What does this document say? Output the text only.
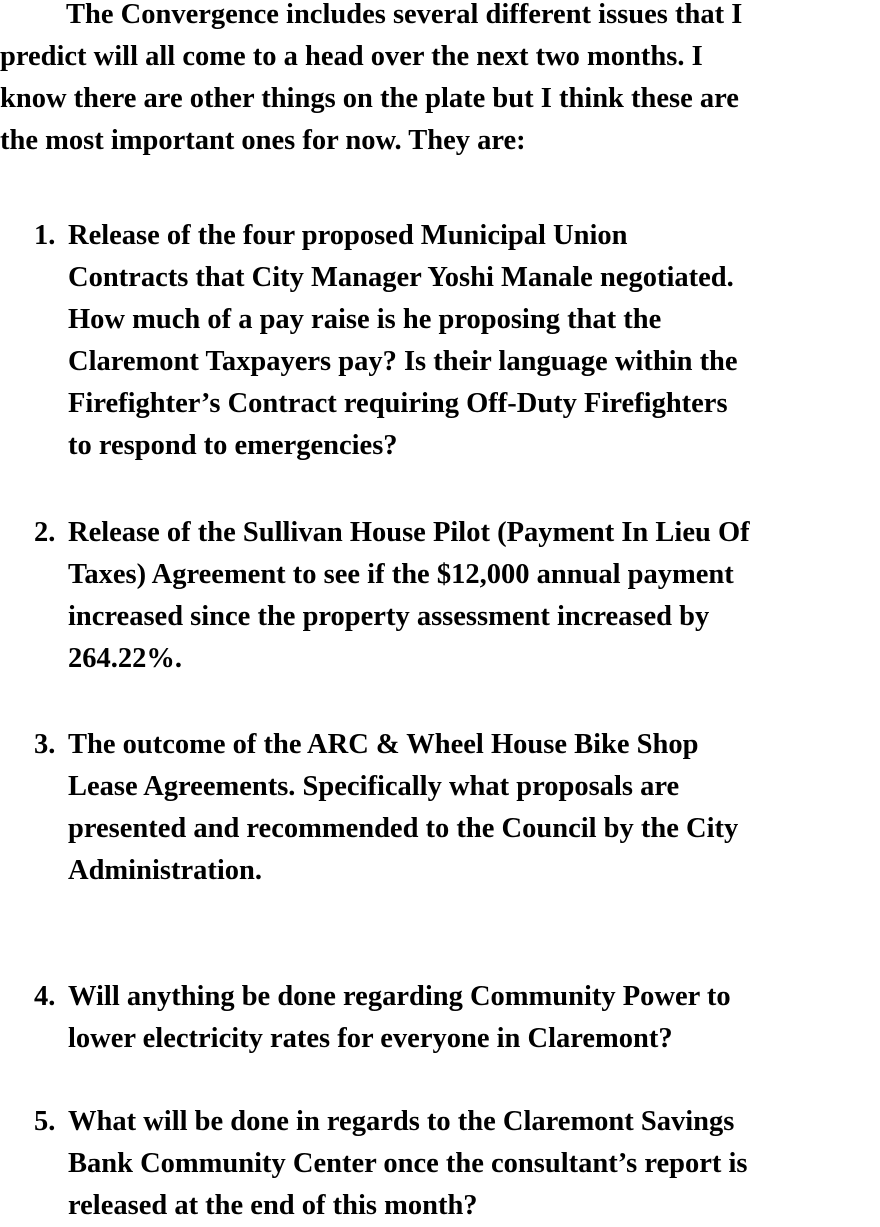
The Convergence includes several different issues that I
predict will all come to a head over the next two months. I
know there are other things on the plate but I think these are
the most important ones for now. They are:

1. Release of the four proposed Municipal Union
Contracts that City Manager Yoshi Manale negotiated.
How much of a pay raise is he proposing that the
Claremont Taxpayers pay? Is their language within the
Firefighter’s Contract requiring Off-Duty Firefighters
to respond to emergencies?
2. Release of the Sullivan House Pilot (Payment In Lieu Of
Taxes) Agreement to see if the $12,000 annual payment
increased since the property assessment increased by
264.22%.
3. The outcome of the ARC & Wheel House Bike Shop
Lease Agreements. Specifically what proposals are
presented and recommended to the Council by the City
Administration.
4. Will anything be done regarding Community Power to
lower electricity rates for everyone in Claremont?
5. What will be done in regards to the Claremont Savings
Bank Community Center once the consultant’s report is
released at the end of this month?
